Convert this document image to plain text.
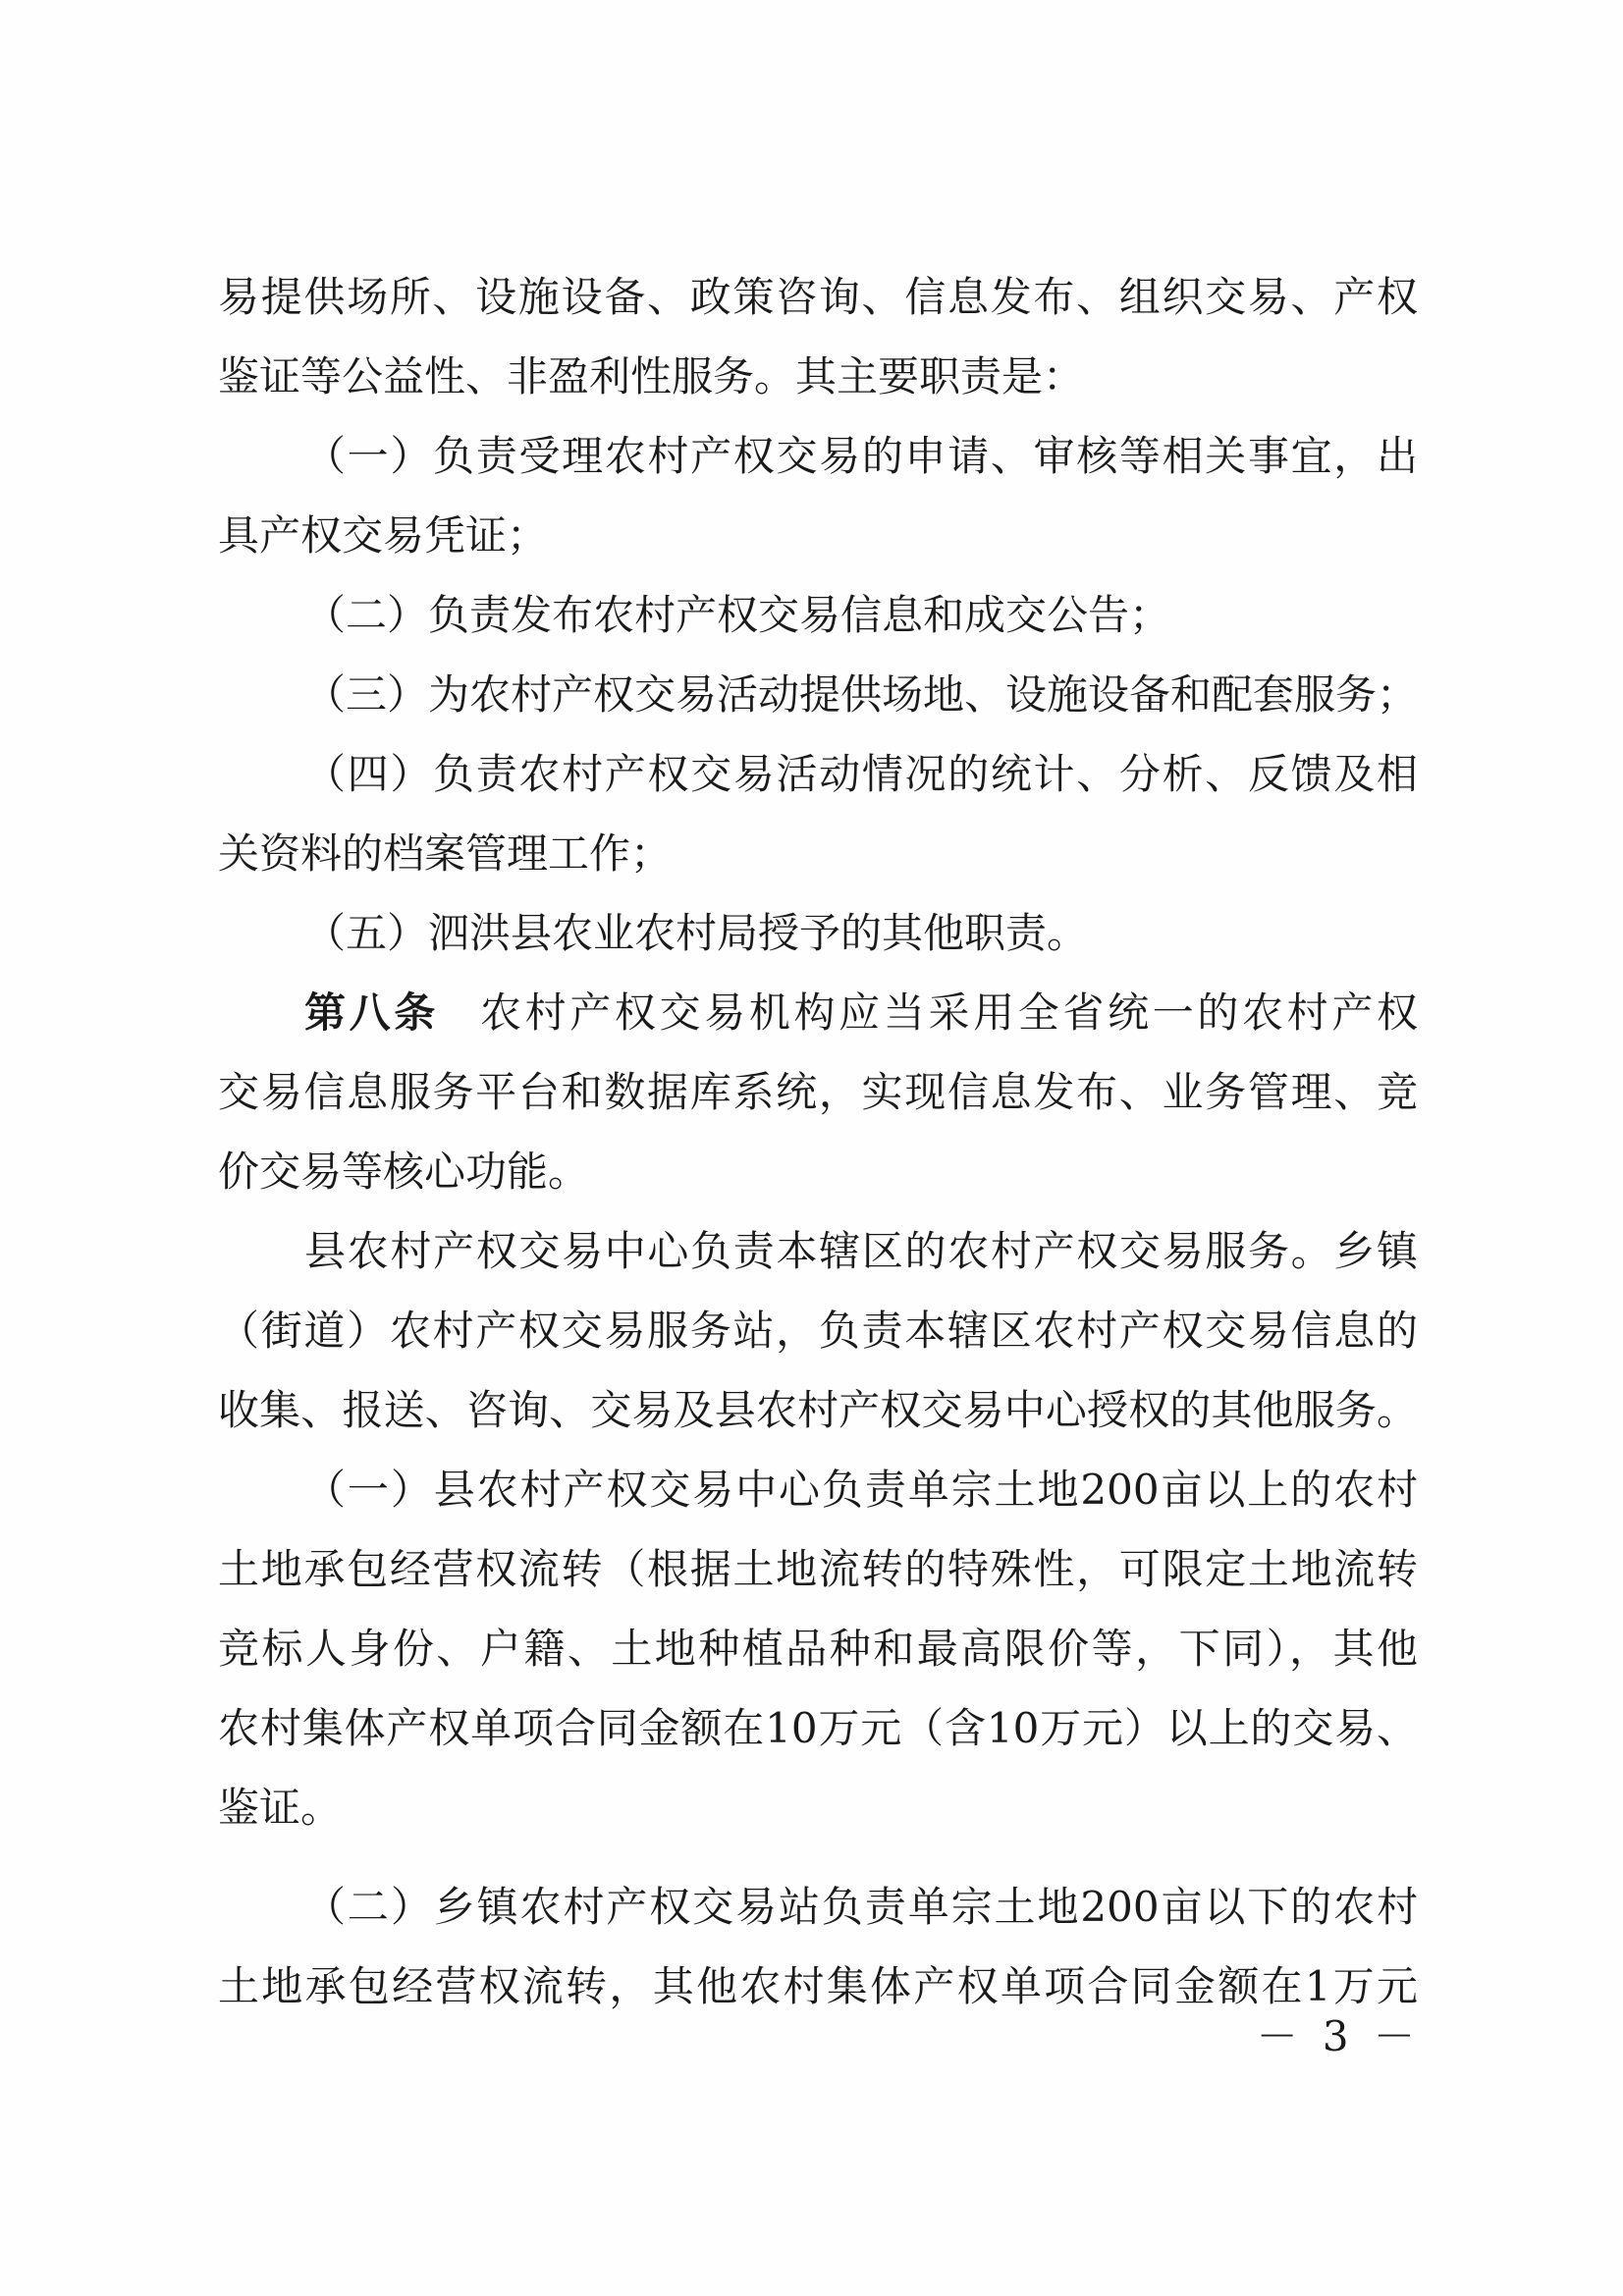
易提供场所、设施设备、政策咨询、信息发布、组织交易、产权
鉴证等公益性、非盈利性服务。其主要职责是：
（一）负责受理农村产权交易的申请、审核等相关事宜，出
具产权交易凭证；
（二）负责发布农村产权交易信息和成交公告；
（三）为农村产权交易活动提供场地、设施设备和配套服务；
（四）负责农村产权交易活动情况的统计、分析、反馈及相
关资料的档案管理工作；
（五）泗洪县农业农村局授予的其他职责。
第八条 农村产权交易机构应当采用全省统一的农村产权
交易信息服务平台和数据库系统，实现信息发布、业务管理、竞
价交易等核心功能。
县农村产权交易中心负责本辖区的农村产权交易服务。乡镇
（街道）农村产权交易服务站，负责本辖区农村产权交易信息的
收集、报送、咨询、交易及县农村产权交易中心授权的其他服务。
（一）县农村产权交易中心负责单宗土地200亩以上的农村
土地承包经营权流转（根据土地流转的特殊性，可限定土地流转
竞标人身份、户籍、土地种植品种和最高限价等，下同），其他
农村集体产权单项合同金额在10万元（含10万元）以上的交易、
鉴证。
（二）乡镇农村产权交易站负责单宗土地200亩以下的农村
土地承包经营权流转，其他农村集体产权单项合同金额在1万元
－ 3 －
